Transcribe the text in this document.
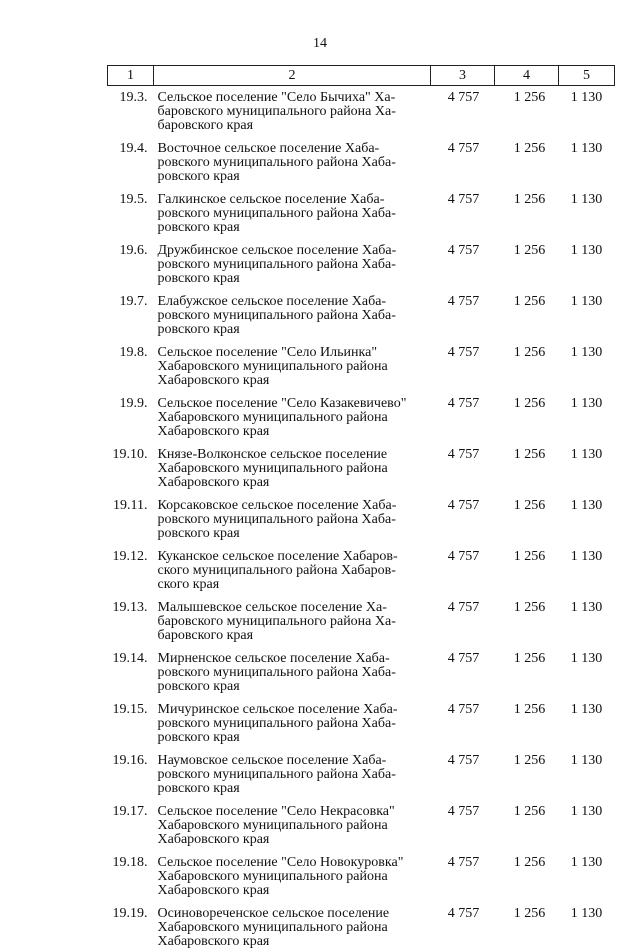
14
1	2	3	4	5
19.3.	Сельское поселение "Село Бычиха" Ха-
баровского муниципального района Ха-
баровского края	4 757	1 256	1 130
19.4.	Восточное сельское поселение Хаба-
ровского муниципального района Хаба-
ровского края	4 757	1 256	1 130
19.5.	Галкинское сельское поселение Хаба-
ровского муниципального района Хаба-
ровского края	4 757	1 256	1 130
19.6.	Дружбинское сельское поселение Хаба-
ровского муниципального района Хаба-
ровского края	4 757	1 256	1 130
19.7.	Елабужское сельское поселение Хаба-
ровского муниципального района Хаба-
ровского края	4 757	1 256	1 130
19.8.	Сельское поселение "Село Ильинка"
Хабаровского муниципального района
Хабаровского края	4 757	1 256	1 130
19.9.	Сельское поселение "Село Казакевичево"
Хабаровского муниципального района
Хабаровского края	4 757	1 256	1 130
19.10.	Князе-Волконское сельское поселение
Хабаровского муниципального района
Хабаровского края	4 757	1 256	1 130
19.11.	Корсаковское сельское поселение Хаба-
ровского муниципального района Хаба-
ровского края	4 757	1 256	1 130
19.12.	Куканское сельское поселение Хабаров-
ского муниципального района Хабаров-
ского края	4 757	1 256	1 130
19.13.	Малышевское сельское поселение Ха-
баровского муниципального района Ха-
баровского края	4 757	1 256	1 130
19.14.	Мирненское сельское поселение Хаба-
ровского муниципального района Хаба-
ровского края	4 757	1 256	1 130
19.15.	Мичуринское сельское поселение Хаба-
ровского муниципального района Хаба-
ровского края	4 757	1 256	1 130
19.16.	Наумовское сельское поселение Хаба-
ровского муниципального района Хаба-
ровского края	4 757	1 256	1 130
19.17.	Сельское поселение "Село Некрасовка"
Хабаровского муниципального района
Хабаровского края	4 757	1 256	1 130
19.18.	Сельское поселение "Село Новокуровка"
Хабаровского муниципального района
Хабаровского края	4 757	1 256	1 130
19.19.	Осиновореченское сельское поселение
Хабаровского муниципального района
Хабаровского края	4 757	1 256	1 130
